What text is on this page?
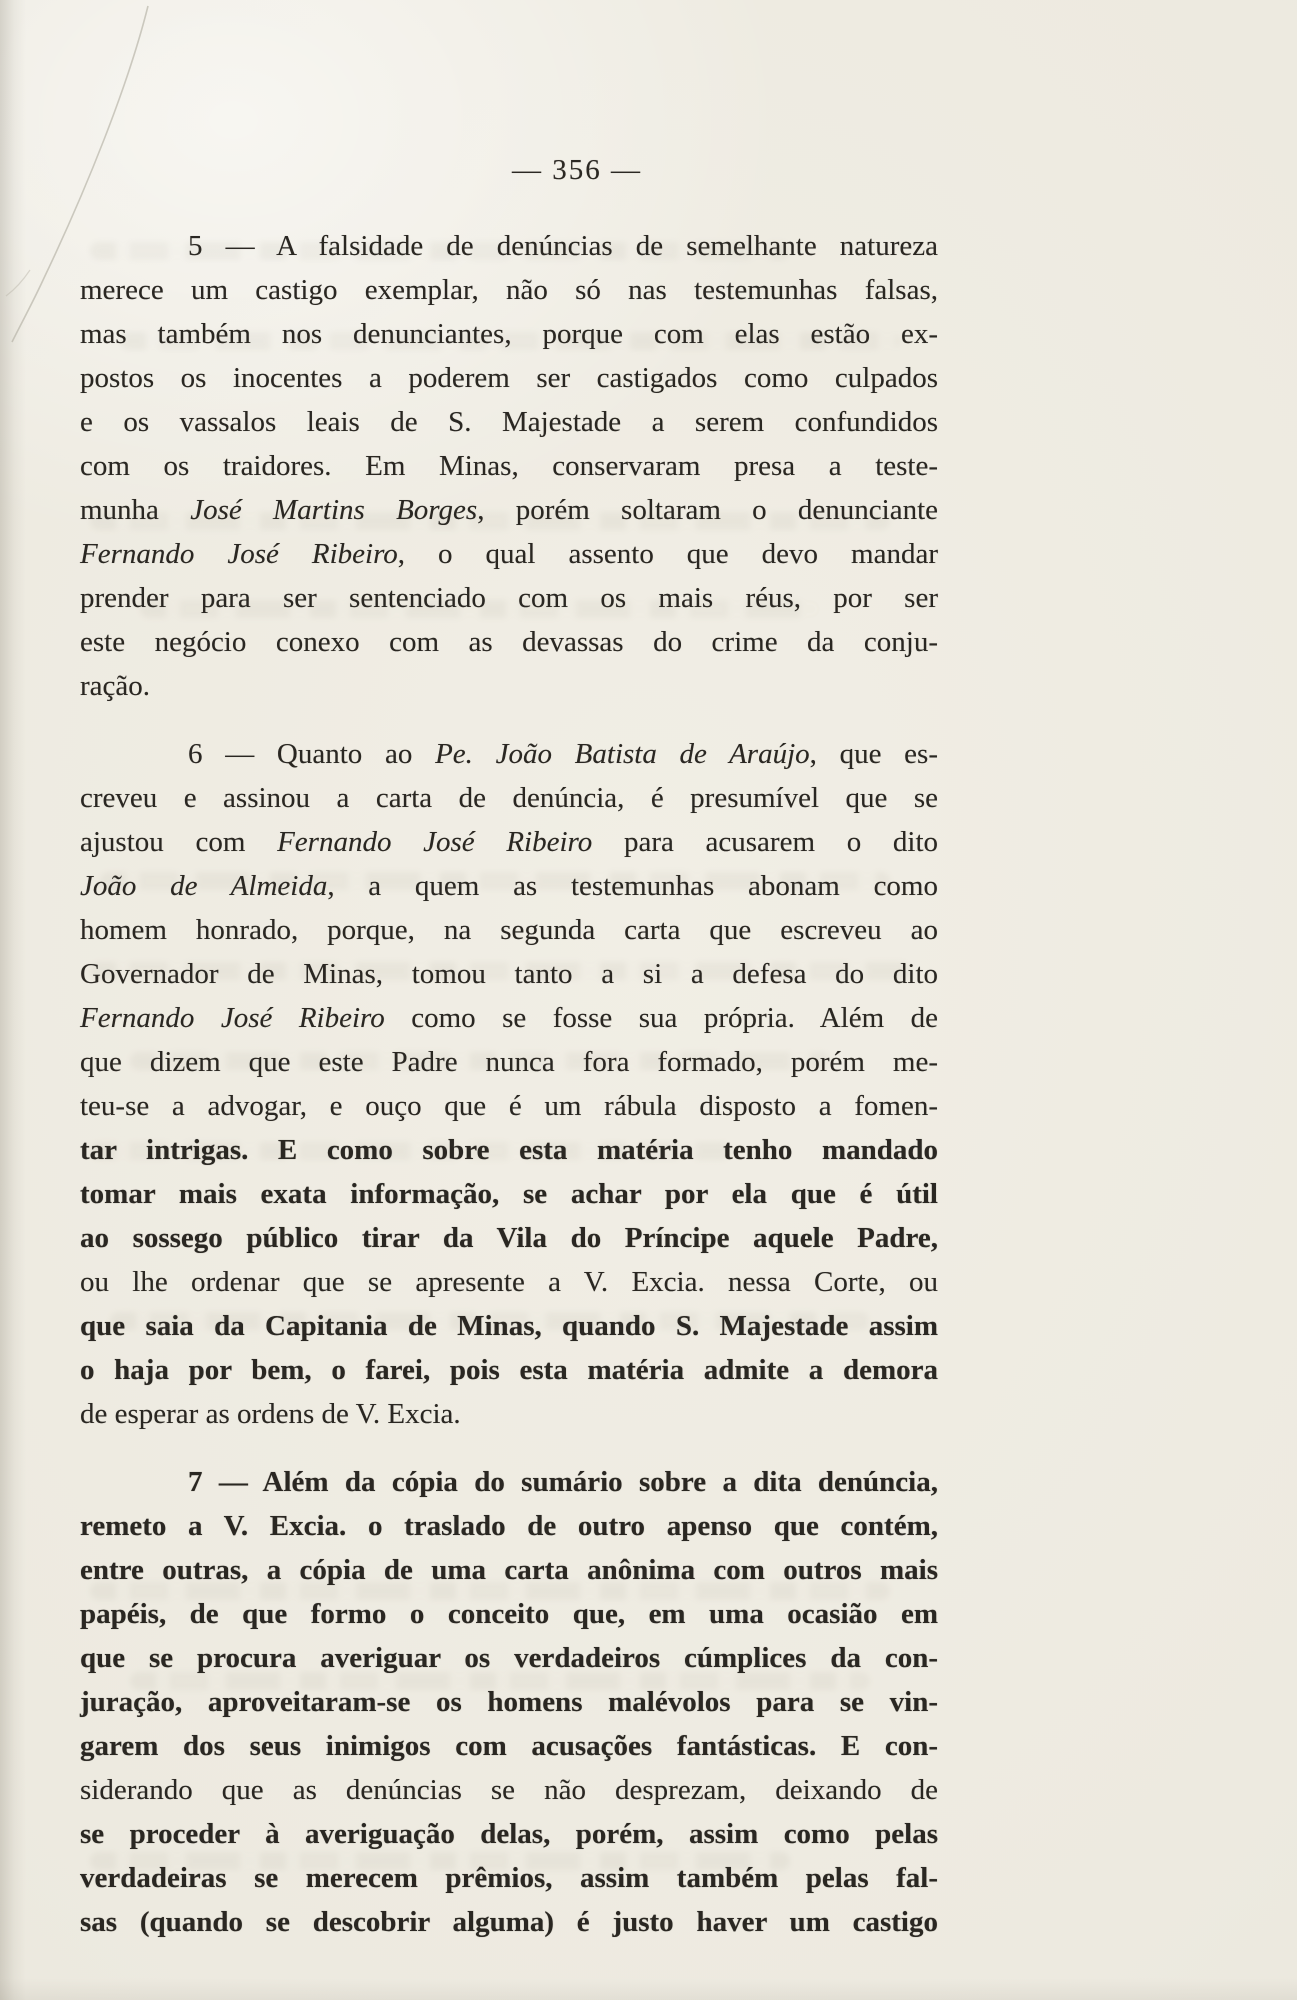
— 356 —
5 — A falsidade de denúncias de semelhante natureza
merece um castigo exemplar, não só nas testemunhas falsas,
mas também nos denunciantes, porque com elas estão ex-
postos os inocentes a poderem ser castigados como culpados
e os vassalos leais de S. Majestade a serem confundidos
com os traidores. Em Minas, conservaram presa a teste-
munha José Martins Borges, porém soltaram o denunciante
Fernando José Ribeiro, o qual assento que devo mandar
prender para ser sentenciado com os mais réus, por ser
este negócio conexo com as devassas do crime da conju-
ração.
6 — Quanto ao Pe. João Batista de Araújo, que es-
creveu e assinou a carta de denúncia, é presumível que se
ajustou com Fernando José Ribeiro para acusarem o dito
João de Almeida, a quem as testemunhas abonam como
homem honrado, porque, na segunda carta que escreveu ao
Governador de Minas, tomou tanto a si a defesa do dito
Fernando José Ribeiro como se fosse sua própria. Além de
que dizem que este Padre nunca fora formado, porém me-
teu-se a advogar, e ouço que é um rábula disposto a fomen-
tar intrigas. E como sobre esta matéria tenho mandado
tomar mais exata informação, se achar por ela que é útil
ao sossego público tirar da Vila do Príncipe aquele Padre,
ou lhe ordenar que se apresente a V. Excia. nessa Corte, ou
que saia da Capitania de Minas, quando S. Majestade assim
o haja por bem, o farei, pois esta matéria admite a demora
de esperar as ordens de V. Excia.
7 — Além da cópia do sumário sobre a dita denúncia,
remeto a V. Excia. o traslado de outro apenso que contém,
entre outras, a cópia de uma carta anônima com outros mais
papéis, de que formo o conceito que, em uma ocasião em
que se procura averiguar os verdadeiros cúmplices da con-
juração, aproveitaram-se os homens malévolos para se vin-
garem dos seus inimigos com acusações fantásticas. E con-
siderando que as denúncias se não desprezam, deixando de
se proceder à averiguação delas, porém, assim como pelas
verdadeiras se merecem prêmios, assim também pelas fal-
sas (quando se descobrir alguma) é justo haver um castigo
